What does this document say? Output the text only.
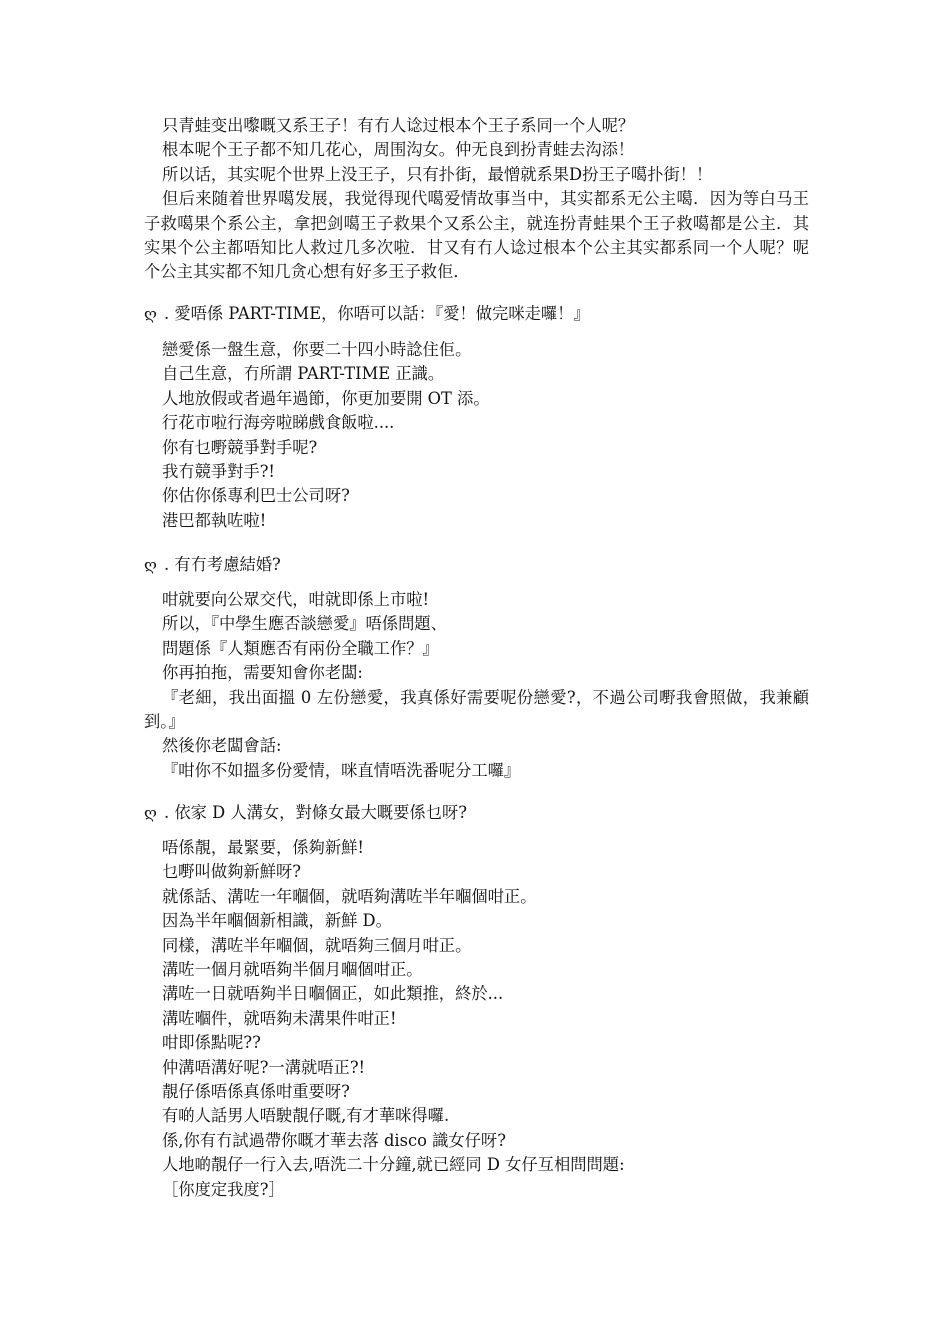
只青蛙变出嚟嘅又系王子！有冇人谂过根本个王子系同一个人呢？
根本呢个王子都不知几花心，周围沟女。仲无良到扮青蛙去沟添！
所以话，其实呢个世界上没王子，只有扑街，最憎就系果D扮王子噶扑街！！

但后来随着世界噶发展，我觉得现代噶爱情故事当中，其实都系无公主噶．因为等白马王子救噶果个系公主，拿把剑噶王子救果个又系公主，就连扮青蛙果个王子救噶都是公主．其实果个公主都唔知比人救过几多次啦．甘又有冇人谂过根本个公主其实都系同一个人呢？呢个公主其实都不知几贪心想有好多王子救佢．

ღ . 愛唔係 PART-TIME，你唔可以話：『愛！做完咪走囉！』
戀愛係一盤生意，你要二十四小時諗住佢。
自己生意，冇所謂 PART-TIME 正識。
人地放假或者過年過節，你更加要開 OT 添。
行花市啦行海旁啦睇戲食飯啦....
你有乜嘢競爭對手呢?
我冇競爭對手?!
你估你係專利巴士公司呀?
港巴都執咗啦!
ღ . 有冇考慮結婚?
咁就要向公眾交代，咁就即係上市啦!
所以，『中學生應否談戀愛』唔係問題、
問題係『人類應否有兩份全職工作？』
你再拍拖，需要知會你老闆:

『老細，我出面搵 0 左份戀愛，我真係好需要呢份戀愛?，不過公司嘢我會照做，我兼顧到。』

然後你老闆會話:
『咁你不如搵多份愛情，咪直情唔洗番呢分工囉』
ღ . 依家 D 人溝女，對條女最大嘅要係乜呀?
唔係靚，最緊要，係夠新鮮!
乜嘢叫做夠新鮮呀?
就係話、溝咗一年嗰個，就唔夠溝咗半年嗰個咁正。
因為半年嗰個新相識，新鮮 D。
同樣，溝咗半年嗰個，就唔夠三個月咁正。
溝咗一個月就唔夠半個月嗰個咁正。
溝咗一日就唔夠半日嗰個正，如此類推，終於...
溝咗嗰件，就唔夠未溝果件咁正!
咁即係點呢??
仲溝唔溝好呢?一溝就唔正?!
靚仔係唔係真係咁重要呀?
有啲人話男人唔駛靚仔嘅,有才華咪得囉.
係,你有冇試過帶你嘅才華去落 disco 識女仔呀?
人地啲靚仔一行入去,唔洗二十分鐘,就已經同 D 女仔互相問問題:
［你度定我度?］
